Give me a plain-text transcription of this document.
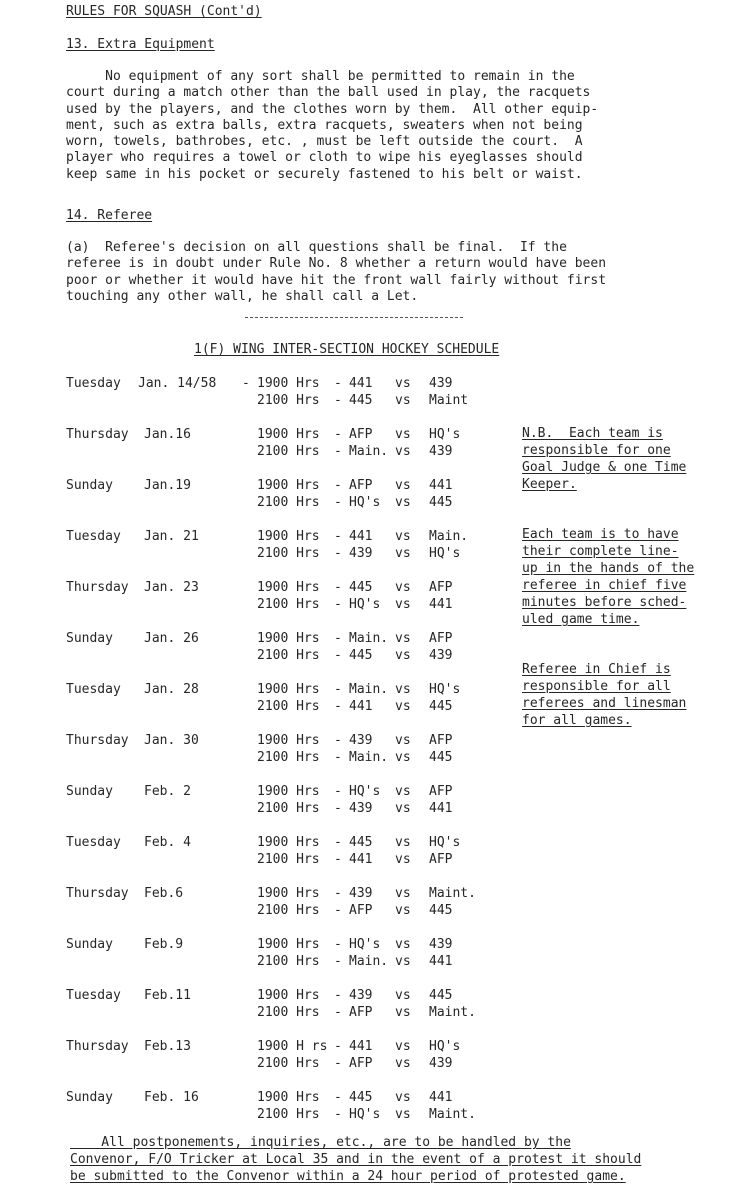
RULES FOR SQUASH (Cont'd)
13. Extra Equipment
No equipment of any sort shall be permitted to remain in the
court during a match other than the ball used in play, the racquets
used by the players, and the clothes worn by them.  All other equip-
ment, such as extra balls, extra racquets, sweaters when not being
worn, towels, bathrobes, etc. , must be left outside the court.  A
player who requires a towel or cloth to wipe his eyeglasses should
keep same in his pocket or securely fastened to his belt or waist.
14. Referee
(a)  Referee's decision on all questions shall be final.  If the
referee is in doubt under Rule No. 8 whether a return would have been
poor or whether it would have hit the front wall fairly without first
touching any other wall, he shall call a Let.
1(F) WING INTER-SECTION HOCKEY SCHEDULE
Tuesday	Jan. 14/58 - 1900 Hrs - 441 vs 439
2100 Hrs - 445 vs Maint
Thursday	Jan.16	1900 Hrs - AFP vs HQ's
2100 Hrs - Main. vs 439
Sunday	Jan.19	1900 Hrs - AFP vs 441
2100 Hrs - HQ's vs 445
Tuesday	Jan. 21	1900 Hrs - 441 vs Main.
2100 Hrs - 439 vs HQ's
Thursday	Jan. 23	1900 Hrs - 445 vs AFP
2100 Hrs - HQ's vs 441
Sunday	Jan. 26	1900 Hrs - Main. vs AFP
2100 Hrs - 445 vs 439
Tuesday	Jan. 28	1900 Hrs - Main. vs HQ's
2100 Hrs - 441 vs 445
Thursday	Jan. 30	1900 Hrs - 439 vs AFP
2100 Hrs - Main. vs 445
Sunday	Feb. 2	1900 Hrs - HQ's vs AFP
2100 Hrs - 439 vs 441
Tuesday	Feb. 4	1900 Hrs - 445 vs HQ's
2100 Hrs - 441 vs AFP
Thursday	Feb.6	1900 Hrs - 439 vs Maint.
2100 Hrs - AFP vs 445
Sunday	Feb.9	1900 Hrs - HQ's vs 439
2100 Hrs - Main. vs 441
Tuesday	Feb.11	1900 Hrs - 439 vs 445
2100 Hrs - AFP vs Maint.
Thursday	Feb.13	1900 H rs - 441 vs HQ's
2100 Hrs - AFP vs 439
Sunday	Feb. 16	1900 Hrs - 445 vs 441
2100 Hrs - HQ's vs Maint.
N.B.  Each team is
responsible for one
Goal Judge & one Time
Keeper.
Each team is to have
their complete line-
up in the hands of the
referee in chief five
minutes before sched-
uled game time.
Referee in Chief is
responsible for all
referees and linesman
for all games.
All postponements, inquiries, etc., are to be handled by the
Convenor, F/O Tricker at Local 35 and in the event of a protest it should
be submitted to the Convenor within a 24 hour period of protested game.
